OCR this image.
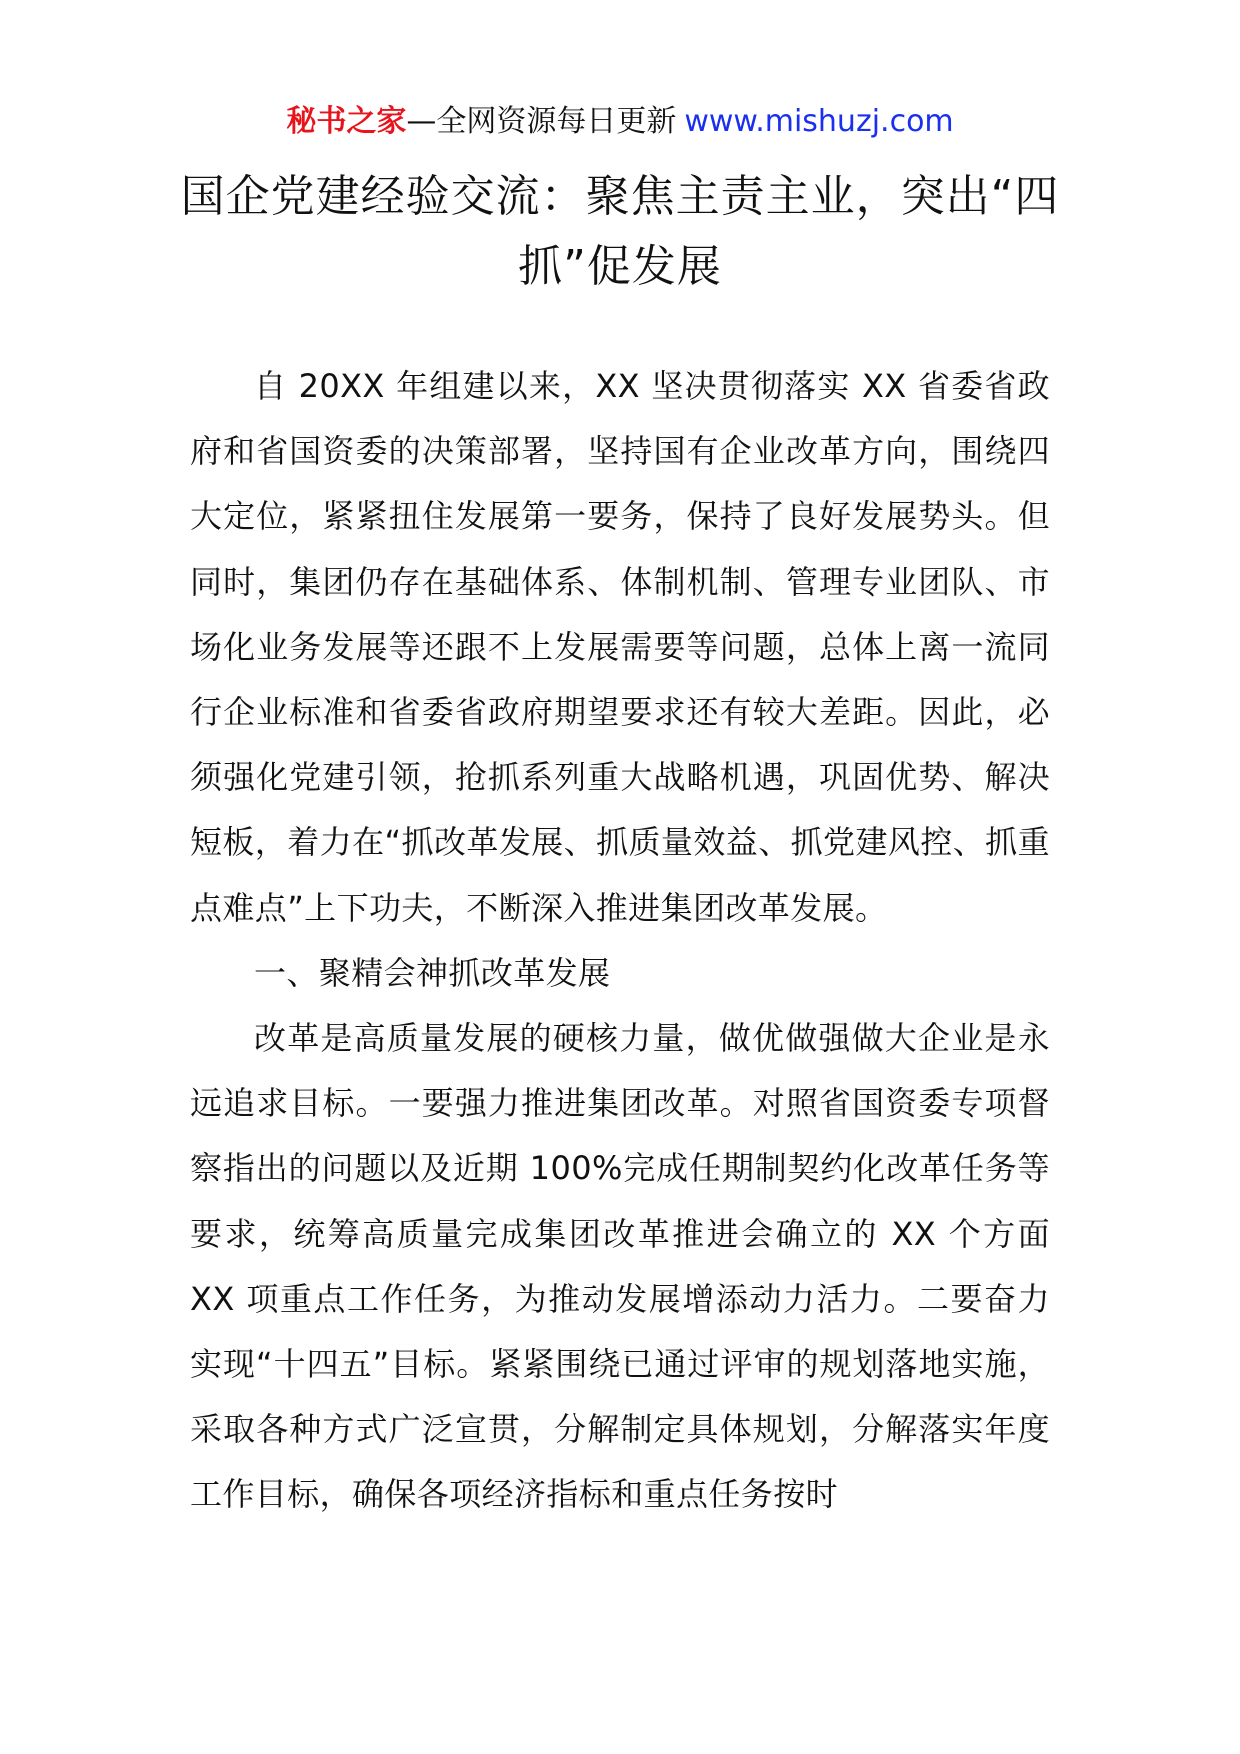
秘书之家—全网资源每日更新 www.mishuzj.com
国企党建经验交流：聚焦主责主业，突出“四抓”促发展

自 20XX 年组建以来，XX 坚决贯彻落实 XX 省委省政府和省国资委的决策部署，坚持国有企业改革方向，围绕四大定位，紧紧扭住发展第一要务，保持了良好发展势头。但同时，集团仍存在基础体系、体制机制、管理专业团队、市场化业务发展等还跟不上发展需要等问题，总体上离一流同行企业标准和省委省政府期望要求还有较大差距。因此，必须强化党建引领，抢抓系列重大战略机遇，巩固优势、解决短板，着力在“抓改革发展、抓质量效益、抓党建风控、抓重点难点”上下功夫，不断深入推进集团改革发展。

一、聚精会神抓改革发展

改革是高质量发展的硬核力量，做优做强做大企业是永远追求目标。一要强力推进集团改革。对照省国资委专项督察指出的问题以及近期 100%完成任期制契约化改革任务等要求，统筹高质量完成集团改革推进会确立的 XX 个方面 XX 项重点工作任务，为推动发展增添动力活力。二要奋力实现“十四五”目标。紧紧围绕已通过评审的规划落地实施，采取各种方式广泛宣贯，分解制定具体规划，分解落实年度工作目标，确保各项经济指标和重点任务按时
